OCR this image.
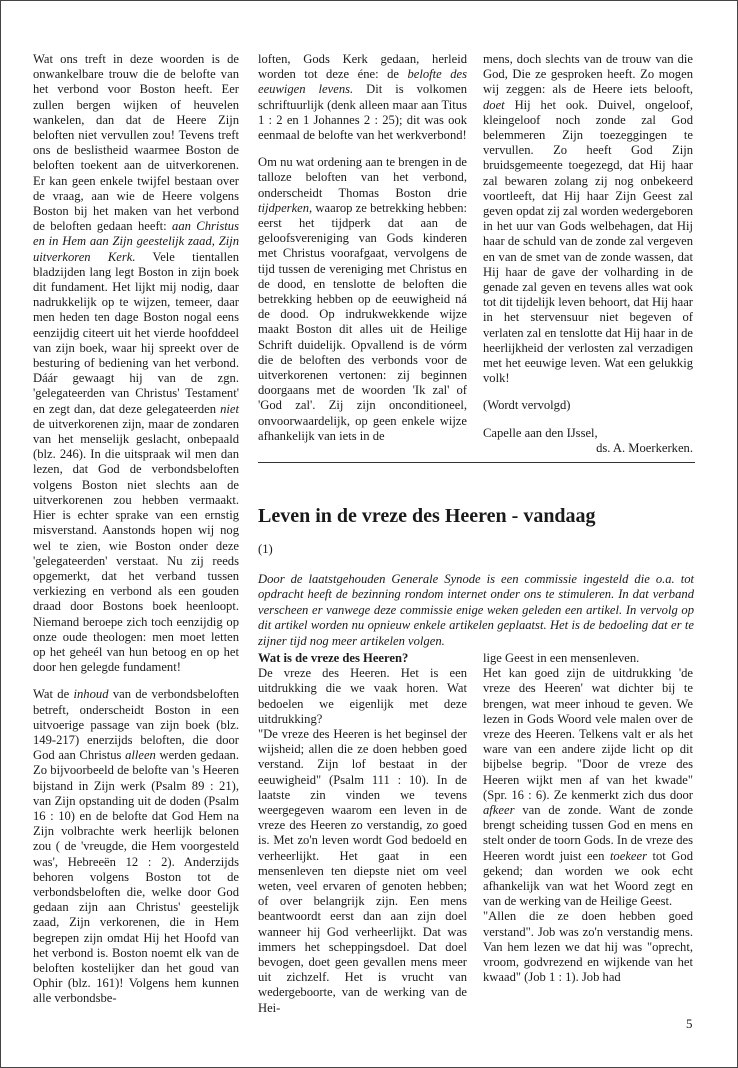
Wat ons treft in deze woorden is de onwankelbare trouw die de belofte van het verbond voor Boston heeft. Eer zullen bergen wijken of heuvelen wankelen, dan dat de Heere Zijn beloften niet vervullen zou! Tevens treft ons de beslistheid waarmee Boston de beloften toekent aan de uitverkorenen. Er kan geen enkele twijfel bestaan over de vraag, aan wie de Heere volgens Boston bij het maken van het verbond de beloften gedaan heeft: aan Christus en in Hem aan Zijn geestelijk zaad, Zijn uitverkoren Kerk. Vele tientallen bladzijden lang legt Boston in zijn boek dit fundament. Het lijkt mij nodig, daar nadrukkelijk op te wijzen, temeer, daar men heden ten dage Boston nogal eens eenzijdig citeert uit het vierde hoofddeel van zijn boek, waar hij spreekt over de besturing of bediening van het verbond. Dáár gewaagt hij van de zgn. 'gelegateerden van Christus' Testament' en zegt dan, dat deze gelegateerden niet de uitverkorenen zijn, maar de zondaren van het menselijk geslacht, onbepaald (blz. 246). In die uitspraak wil men dan lezen, dat God de verbondsbeloften volgens Boston niet slechts aan de uitverkorenen zou hebben vermaakt. Hier is echter sprake van een ernstig misverstand. Aanstonds hopen wij nog wel te zien, wie Boston onder deze 'gelegateerden' verstaat. Nu zij reeds opgemerkt, dat het verband tussen verkiezing en verbond als een gouden draad door Bostons boek heenloopt. Niemand beroepe zich toch eenzijdig op onze oude theologen: men moet letten op het geheél van hun betoog en op het door hen gelegde fundament!

Wat de inhoud van de verbondsbeloften betreft, onderscheidt Boston in een uitvoerige passage van zijn boek (blz. 149-217) enerzijds beloften, die door God aan Christus alleen werden gedaan. Zo bijvoorbeeld de belofte van 's Heeren bijstand in Zijn werk (Psalm 89 : 21), van Zijn opstanding uit de doden (Psalm 16 : 10) en de belofte dat God Hem na Zijn volbrachte werk heerlijk belonen zou ( de 'vreugde, die Hem voorgesteld was', Hebreeën 12 : 2). Anderzijds behoren volgens Boston tot de verbondsbeloften die, welke door God gedaan zijn aan Christus' geestelijk zaad, Zijn verkorenen, die in Hem begrepen zijn omdat Hij het Hoofd van het verbond is. Boston noemt elk van de beloften kostelijker dan het goud van Ophir (blz. 161)! Volgens hem kunnen alle verbondsbe-

loften, Gods Kerk gedaan, herleid worden tot deze éne: de belofte des eeuwigen levens. Dit is volkomen schriftuurlijk (denk alleen maar aan Titus 1 : 2 en 1 Johannes 2 : 25); dit was ook eenmaal de belofte van het werkverbond!

Om nu wat ordening aan te brengen in de talloze beloften van het verbond, onderscheidt Thomas Boston drie tijdperken, waarop ze betrekking hebben: eerst het tijdperk dat aan de geloofsvereniging van Gods kinderen met Christus voorafgaat, vervolgens de tijd tussen de vereniging met Christus en de dood, en tenslotte de beloften die betrekking hebben op de eeuwigheid ná de dood. Op indrukwekkende wijze maakt Boston dit alles uit de Heilige Schrift duidelijk. Opvallend is de vórm die de beloften des verbonds voor de uitverkorenen vertonen: zij beginnen doorgaans met de woorden 'Ik zal' of 'God zal'. Zij zijn onconditioneel, onvoorwaardelijk, op geen enkele wijze afhankelijk van iets in de

mens, doch slechts van de trouw van die God, Die ze gesproken heeft. Zo mogen wij zeggen: als de Heere iets belooft, doet Hij het ook. Duivel, ongeloof, kleingeloof noch zonde zal God belemmeren Zijn toezeggingen te vervullen. Zo heeft God Zijn bruidsgemeente toegezegd, dat Hij haar zal bewaren zolang zij nog onbekeerd voortleeft, dat Hij haar Zijn Geest zal geven opdat zij zal worden wedergeboren in het uur van Gods welbehagen, dat Hij haar de schuld van de zonde zal vergeven en van de smet van de zonde wassen, dat Hij haar de gave der volharding in de genade zal geven en tevens alles wat ook tot dit tijdelijk leven behoort, dat Hij haar in het stervensuur niet begeven of verlaten zal en tenslotte dat Hij haar in de heerlijkheid der verlosten zal verzadigen met het eeuwige leven. Wat een gelukkig volk!

(Wordt vervolgd)

Capelle aan den IJssel,
ds. A. Moerkerken.
Leven in de vreze des Heeren - vandaag
(1)
Door de laatstgehouden Generale Synode is een commissie ingesteld die o.a. tot opdracht heeft de bezinning rondom internet onder ons te stimuleren. In dat verband verscheen er vanwege deze commissie enige weken geleden een artikel. In vervolg op dit artikel worden nu opnieuw enkele artikelen geplaatst. Het is de bedoeling dat er te zijner tijd nog meer artikelen volgen.
Wat is de vreze des Heeren?
De vreze des Heeren. Het is een uitdrukking die we vaak horen. Wat bedoelen we eigenlijk met deze uitdrukking?
"De vreze des Heeren is het beginsel der wijsheid; allen die ze doen hebben goed verstand. Zijn lof bestaat in der eeuwigheid" (Psalm 111 : 10). In de laatste zin vinden we tevens weergegeven waarom een leven in de vreze des Heeren zo verstandig, zo goed is. Met zo'n leven wordt God bedoeld en verheerlijkt. Het gaat in een mensenleven ten diepste niet om veel weten, veel ervaren of genoten hebben; of over belangrijk zijn. Een mens beantwoordt eerst dan aan zijn doel wanneer hij God verheerlijkt. Dat was immers het scheppingsdoel. Dat doel bevogen, doet geen gevallen mens meer uit zichzelf. Het is vrucht van wedergeboorte, van de werking van de Hei-
lige Geest in een mensenleven.
Het kan goed zijn de uitdrukking 'de vreze des Heeren' wat dichter bij te brengen, wat meer inhoud te geven. We lezen in Gods Woord vele malen over de vreze des Heeren. Telkens valt er als het ware van een andere zijde licht op dit bijbelse begrip. "Door de vreze des Heeren wijkt men af van het kwade" (Spr. 16 : 6). Ze kenmerkt zich dus door afkeer van de zonde. Want de zonde brengt scheiding tussen God en mens en stelt onder de toorn Gods. In de vreze des Heeren wordt juist een toekeer tot God gekend; dan worden we ook echt afhankelijk van wat het Woord zegt en van de werking van de Heilige Geest.
"Allen die ze doen hebben goed verstand". Job was zo'n verstandig mens. Van hem lezen we dat hij was "oprecht, vroom, godvrezend en wijkende van het kwaad" (Job 1 : 1). Job had
5
